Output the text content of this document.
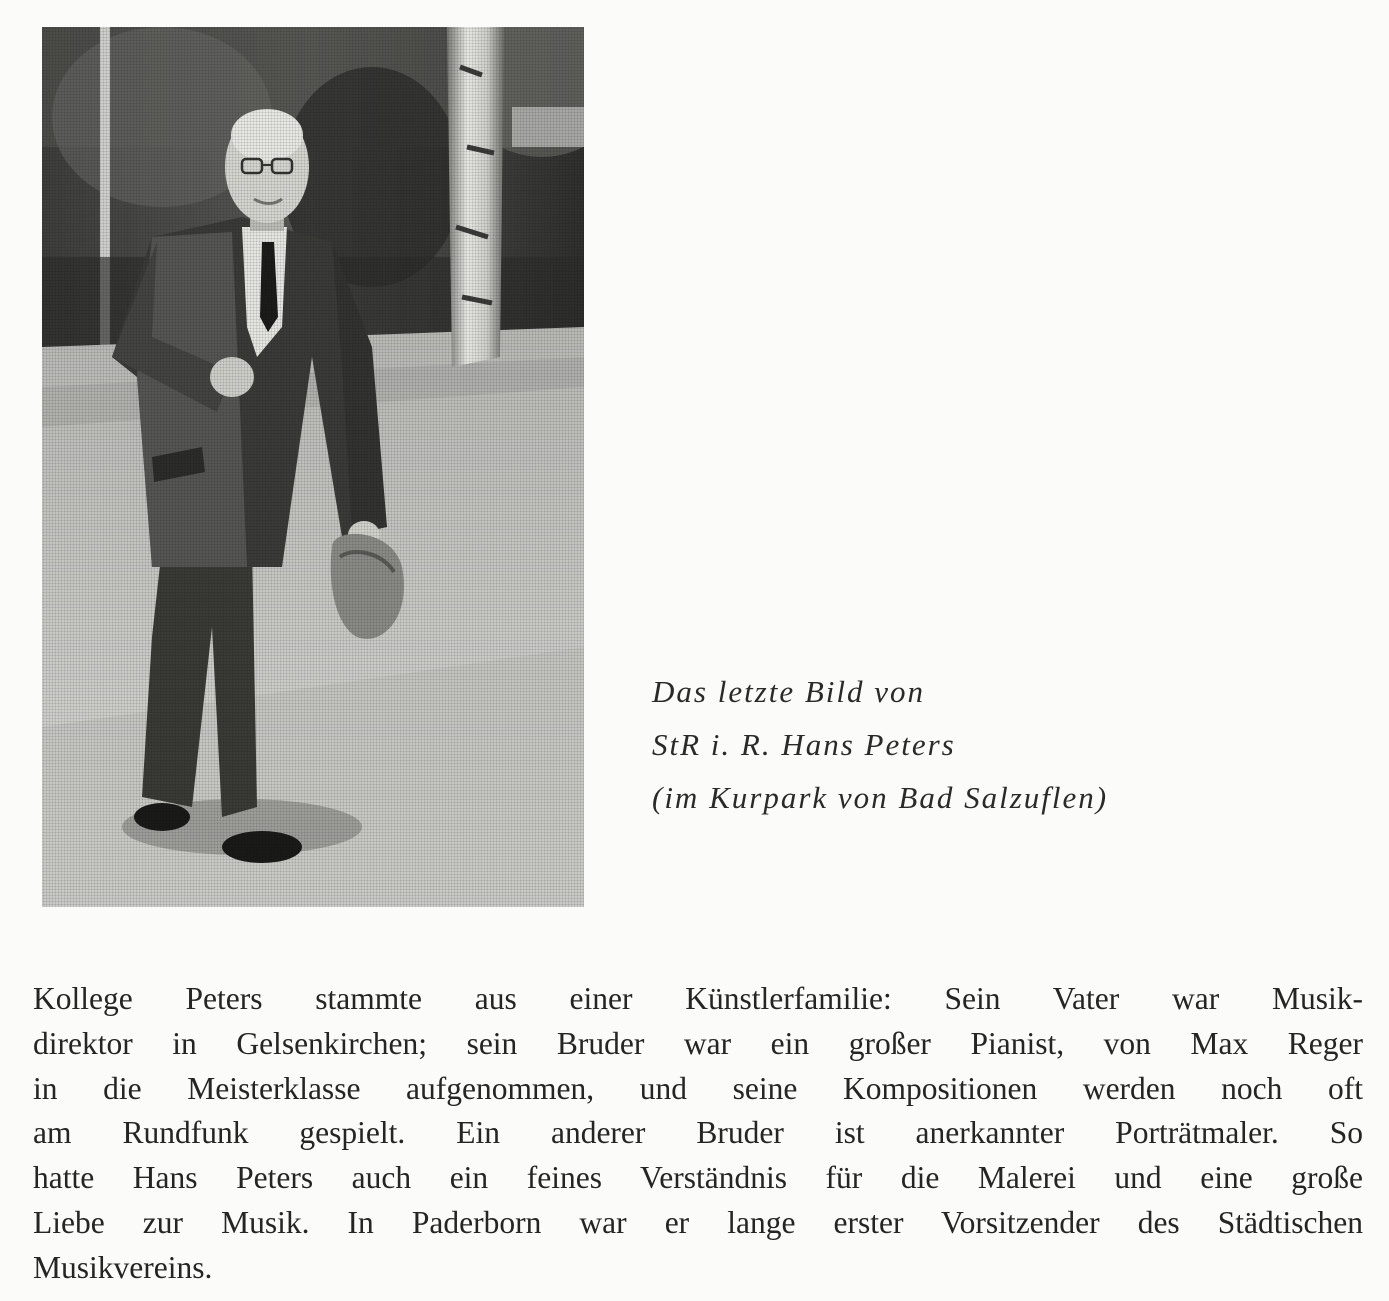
Das letzte Bild von
StR i. R. Hans Peters
(im Kurpark von Bad Salzuflen)
Kollege Peters stammte aus einer Künstlerfamilie: Sein Vater war Musik-
direktor in Gelsenkirchen; sein Bruder war ein großer Pianist, von Max Reger
in die Meisterklasse aufgenommen, und seine Kompositionen werden noch oft
am Rundfunk gespielt. Ein anderer Bruder ist anerkannter Porträtmaler. So
hatte Hans Peters auch ein feines Verständnis für die Malerei und eine große
Liebe zur Musik. In Paderborn war er lange erster Vorsitzender des Städtischen
Musikvereins.
